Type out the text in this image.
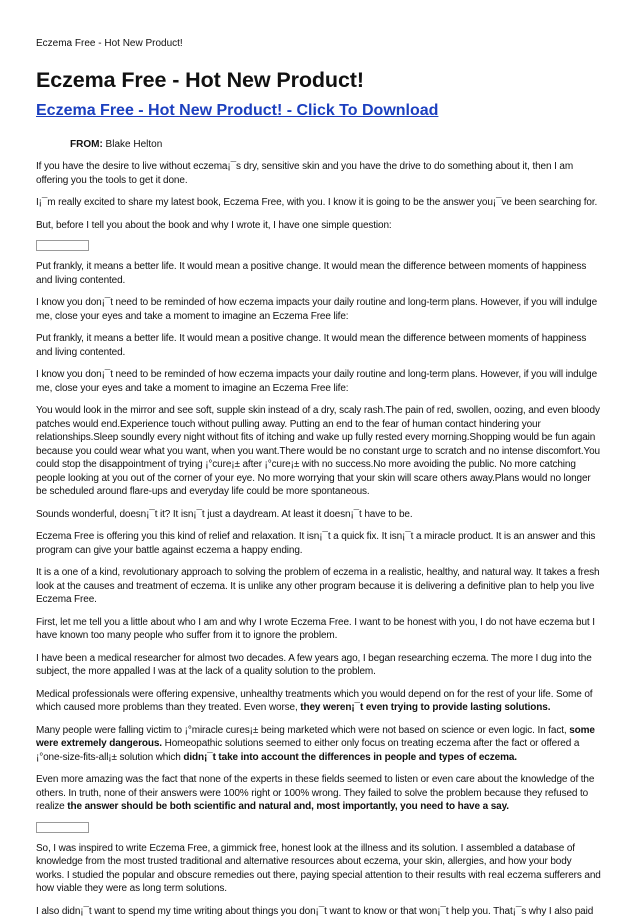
Eczema Free - Hot New Product!
Eczema Free - Hot New Product!
Eczema Free - Hot New Product! - Click To Download
FROM: Blake Helton

If you have the desire to live without eczema¡¯s dry, sensitive skin and you have the drive to do something about it, then I am offering you the tools to get it done.

I¡¯m really excited to share my latest book, Eczema Free, with you. I know it is going to be the answer you¡¯ve been searching for.

But, before I tell you about the book and why I wrote it, I have one simple question:

Put frankly, it means a better life. It would mean a positive change. It would mean the difference between moments of happiness and living contented.

I know you don¡¯t need to be reminded of how eczema impacts your daily routine and long-term plans. However, if you will indulge me, close your eyes and take a moment to imagine an Eczema Free life:

Put frankly, it means a better life. It would mean a positive change. It would mean the difference between moments of happiness and living contented.

I know you don¡¯t need to be reminded of how eczema impacts your daily routine and long-term plans. However, if you will indulge me, close your eyes and take a moment to imagine an Eczema Free life:

You would look in the mirror and see soft, supple skin instead of a dry, scaly rash.The pain of red, swollen, oozing, and even bloody patches would end.Experience touch without pulling away. Putting an end to the fear of human contact hindering your relationships.Sleep soundly every night without fits of itching and wake up fully rested every morning.Shopping would be fun again because you could wear what you want, when you want.There would be no constant urge to scratch and no intense discomfort.You could stop the disappointment of trying ¡°cure¡± after ¡°cure¡± with no success.No more avoiding the public. No more catching people looking at you out of the corner of your eye. No more worrying that your skin will scare others away.Plans would no longer be scheduled around flare-ups and everyday life could be more spontaneous.

Sounds wonderful, doesn¡¯t it? It isn¡¯t just a daydream. At least it doesn¡¯t have to be.

Eczema Free is offering you this kind of relief and relaxation. It isn¡¯t a quick fix. It isn¡¯t a miracle product. It is an answer and this program can give your battle against eczema a happy ending.

It is a one of a kind, revolutionary approach to solving the problem of eczema in a realistic, healthy, and natural way. It takes a fresh look at the causes and treatment of eczema. It is unlike any other program because it is delivering a definitive plan to help you live Eczema Free.

First, let me tell you a little about who I am and why I wrote Eczema Free. I want to be honest with you, I do not have eczema but I have known too many people who suffer from it to ignore the problem.

I have been a medical researcher for almost two decades. A few years ago, I began researching eczema. The more I dug into the subject, the more appalled I was at the lack of a quality solution to the problem.

Medical professionals were offering expensive, unhealthy treatments which you would depend on for the rest of your life. Some of which caused more problems than they treated. Even worse, they weren¡¯t even trying to provide lasting solutions.

Many people were falling victim to ¡°miracle cures¡± being marketed which were not based on science or even logic. In fact, some were extremely dangerous. Homeopathic solutions seemed to either only focus on treating eczema after the fact or offered a ¡°one-size-fits-all¡± solution which didn¡¯t take into account the differences in people and types of eczema.

Even more amazing was the fact that none of the experts in these fields seemed to listen or even care about the knowledge of the others. In truth, none of their answers were 100% right or 100% wrong. They failed to solve the problem because they refused to realize the answer should be both scientific and natural and, most importantly, you need to have a say.

So, I was inspired to write Eczema Free, a gimmick free, honest look at the illness and its solution. I assembled a database of knowledge from the most trusted traditional and alternative resources about eczema, your skin, allergies, and how your body works. I studied the popular and obscure remedies out there, paying special attention to their results with real eczema sufferers and how viable they were as long term solutions.

I also didn¡¯t want to spend my time writing about things you don¡¯t want to know or that won¡¯t help you. That¡¯s why I also paid
